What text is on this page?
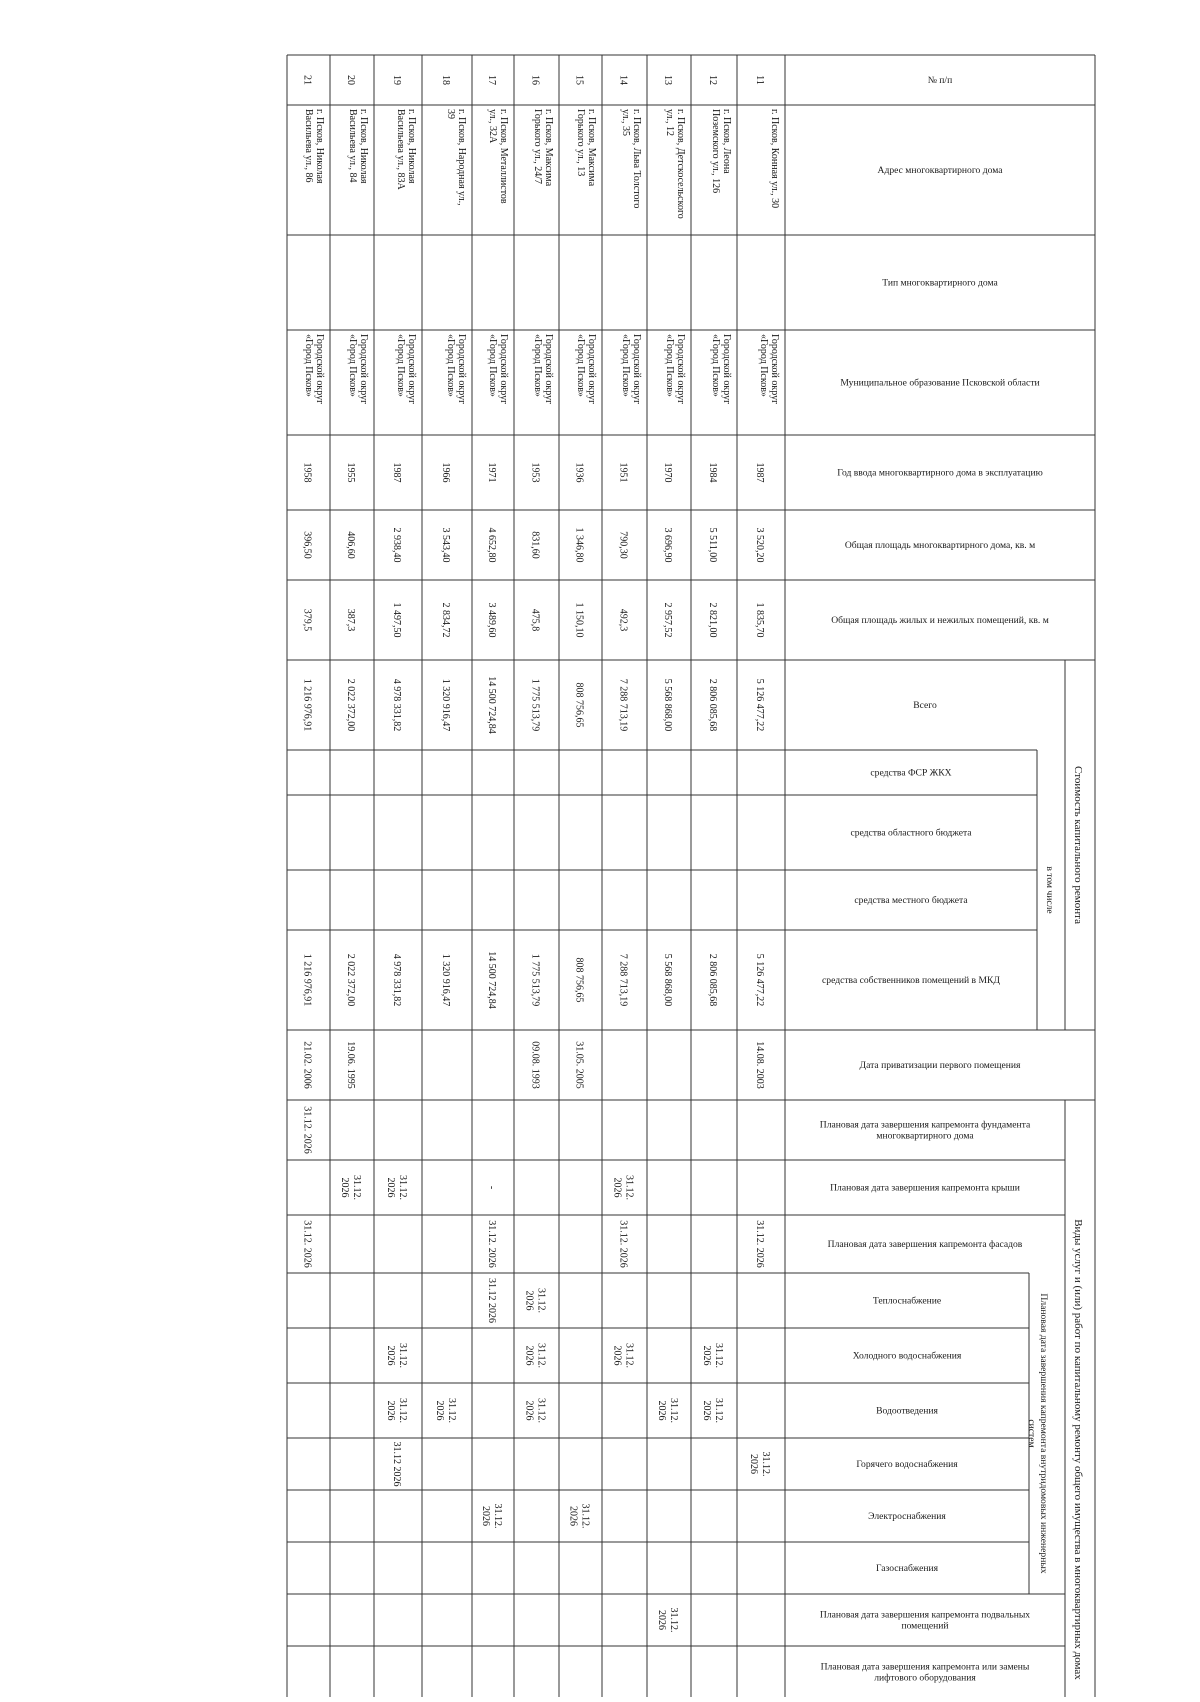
Стоимость капитального ремонта
Виды услуг и (или) работ по капитальному ремонту общего имущества в многоквартирных домах
в том числе
Плановая дата завершения капремонта внутридомовых инженерных
систем
№ п/п
Адрес многоквартирного дома
Тип многоквартирного дома
Муниципальное образование Псковской области
Год ввода многоквартирного дома в эксплуатацию
Общая площадь многоквартирного дома, кв. м
Общая площадь жилых и нежилых помещений, кв. м
Всего
средства ФСР ЖКХ
средства областного бюджета
средства местного бюджета
средства собственников помещений в МКД
Дата приватизации первого помещения
Плановая дата завершения капремонта фундамента
многоквартирного дома
Плановая дата завершения капремонта крыши
Плановая дата завершения капремонта фасадов
Теплоснабжение
Холодного водоснабжения
Водоотведения
Горячего водоснабжения
Электроснабжения
Газоснабжения
Плановая дата завершения капремонта подвальных
помещений
Плановая дата завершения капремонта или замены
лифтового оборудования
11
г. Псков, Конная ул., 30
Городской округ
«Город Псков»
1987
3 520,20
1 835,70
5 126 477,22
5 126 477,22
14.08. 2003
31.12. 2026
31.12.
2026
12
г. Псков, Леона
Поземского ул., 126
Городской округ
«Город Псков»
1984
5 511,00
2 821,00
2 806 085,68
2 806 085,68
31.12.
2026
31.12.
2026
13
г. Псков, Детскосельского
ул., 12
Городской округ
«Город Псков»
1970
3 696,90
2 957,52
5 568 868,00
5 568 868,00
31.12.
2026
31.12.
2026
14
г. Псков, Льва Толстого
ул., 35
Городской округ
«Город Псков»
1951
790,30
492,3
7 288 713,19
7 288 713,19
31.12.
2026
31.12. 2026
31.12.
2026
15
г. Псков, Максима
Горького ул., 13
Городской округ
«Город Псков»
1936
1 346,80
1 150,10
808 756,65
808 756,65
31.05. 2005
31.12.
2026
16
г. Псков, Максима
Горького ул., 24/7
Городской округ
«Город Псков»
1953
831,60
475,8
1 775 513,79
1 775 513,79
09.08. 1993
31.12.
2026
31.12.
2026
31.12.
2026
17
г. Псков, Металлистов
ул., 32А
Городской округ
«Город Псков»
1971
4 652,80
3 489,60
14 500 724,84
14 500 724,84
-
31.12. 2026
31.12 2026
31.12.
2026
18
г. Псков, Народная ул.,
39
Городской округ
«Город Псков»
1966
3 543,40
2 834,72
1 320 916,47
1 320 916,47
31.12.
2026
19
г. Псков, Николая
Васильева ул., 83А
Городской округ
«Город Псков»
1987
2 938,40
1 497,50
4 978 331,82
4 978 331,82
31.12.
2026
31.12.
2026
31.12.
2026
31.12 2026
20
г. Псков, Николая
Васильева ул., 84
Городской округ
«Город Псков»
1955
406,60
387,3
2 022 372,00
2 022 372,00
19.06. 1995
31.12.
2026
21
г. Псков, Николая
Васильева ул., 86
Городской округ
«Город Псков»
1958
396,50
379,5
1 216 976,91
1 216 976,91
21.02. 2006
31.12. 2026
31.12. 2026
